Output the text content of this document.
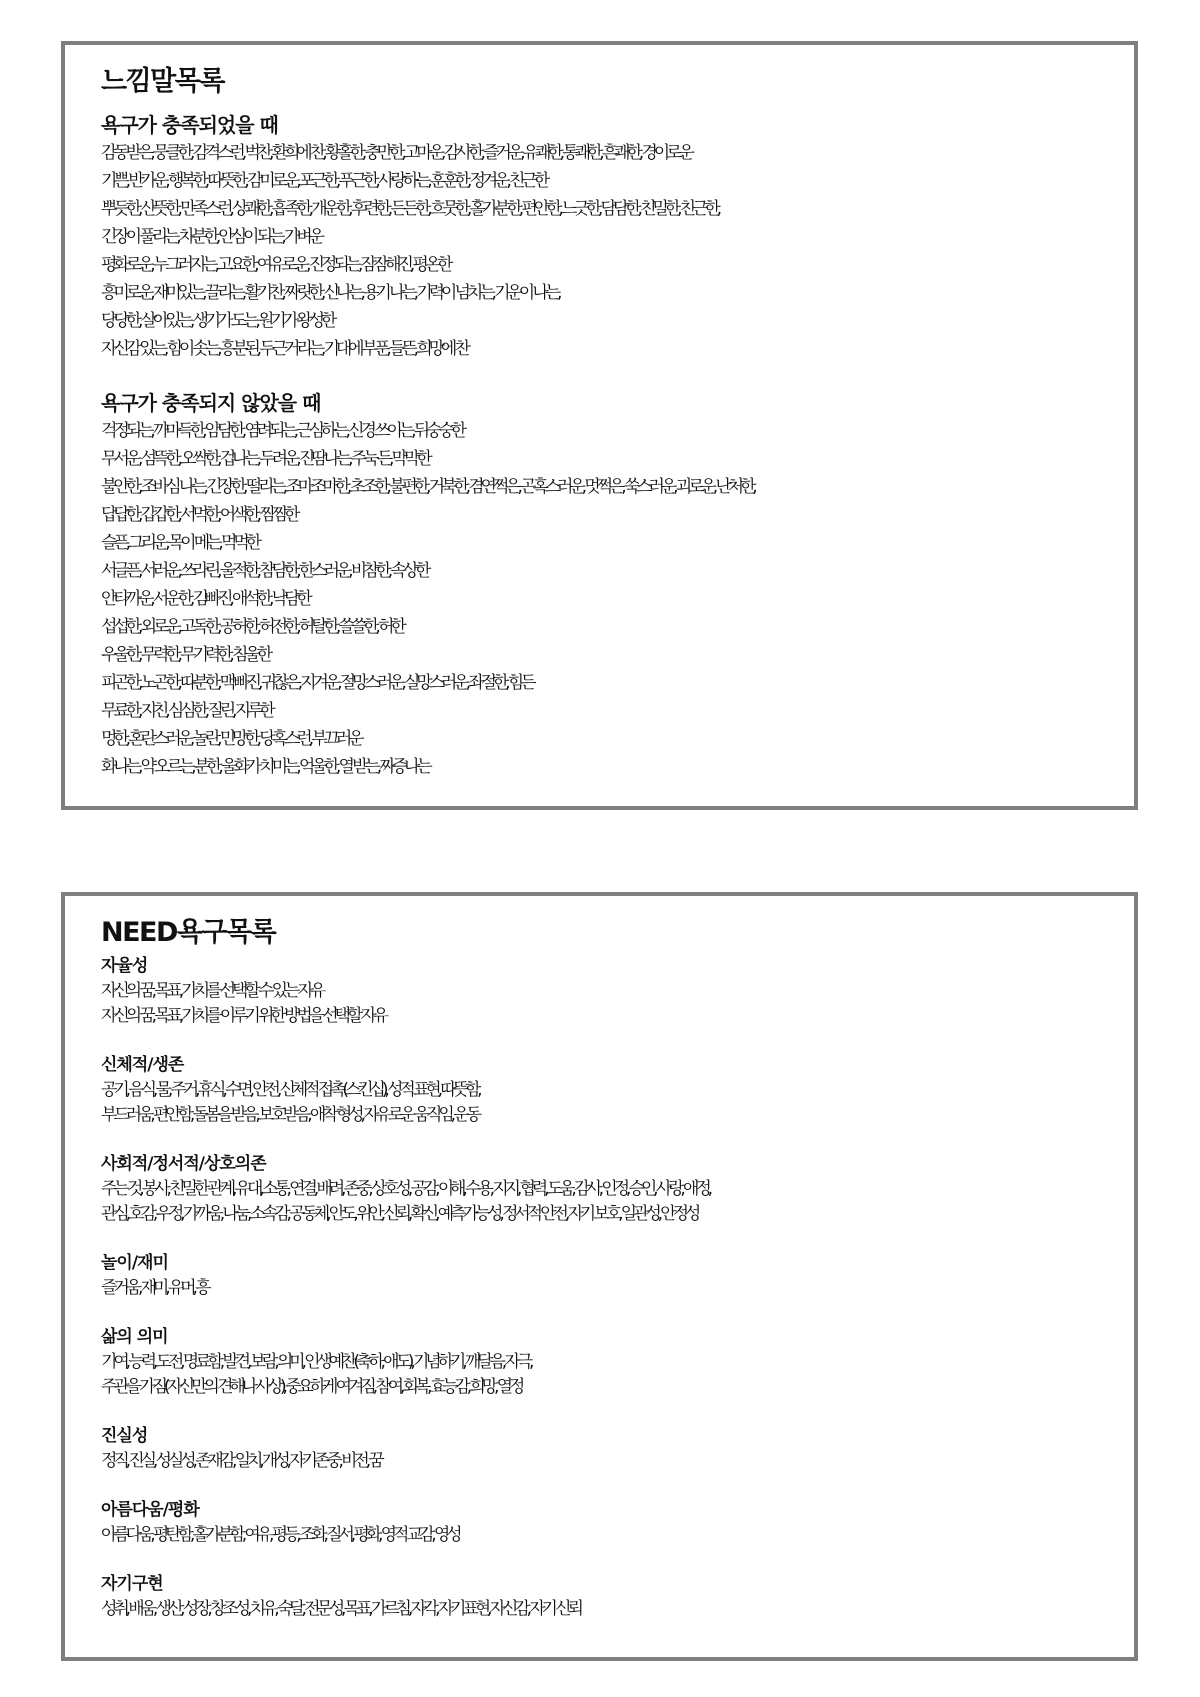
느낌말목록
욕구가 충족되었을 때
감동받은, 뭉클한, 감격스런, 벅찬, 환희에 찬, 황홀한, 충만한, 고마운, 감사한, 즐거운, 유쾌한, 통쾌한, 흔쾌한, 경이로운
기쁜, 반가운, 행복한, 따뜻한, 감미로운, 포근한, 푸근한, 사랑하는, 훈훈한, 정겨운, 친근한
뿌듯한, 산뜻한, 만족스런, 상쾌한, 흡족한, 개운한, 후련한, 든든한, 흐뭇한, 홀가분한, 편안한, 느긋한, 담담한, 친밀한, 친근한,
긴장이 풀리는, 차분한, 안심이 되는, 가벼운
평화로운, 누그러지는, 고요한, 여유로운, 진정되는, 잠잠해진, 평온한
흥미로운, 재미있는, 끌리는, 활기찬, 짜릿한, 신나는, 용기 나는, 기력이 넘치는, 기운이 나는,
당당한, 살아있는, 생기가 도는, 원기가 왕성한
자신감 있는, 힘이 솟는, 흥분된, 두근거리는, 기대에 부푼, 들뜬, 희망에 찬
욕구가 충족되지 않았을 때
걱정되는, 까마득한, 암담한, 염려되는, 근심하는, 신경 쓰이는, 뒤숭숭한
무서운, 섬뜩한, 오싹한, 겁나는, 두려운, 진땀나는, 주눅 든, 막막한
불안한, 조바심 나는, 긴장한, 떨리는, 조마조마한, 초조한, 불편한, 거북한, 겸연쩍은, 곤혹스러운, 멋쩍은, 쑥스러운, 괴로운, 난처한,
답답한, 갑갑한, 서먹한, 어색한, 찜찜한
슬픈, 그리운, 목이 메는, 먹먹한
서글픈, 서러운, 쓰라린, 울적한, 참담한, 한스러운, 비참한, 속상한
안타까운, 서운한, 김빠진, 애석한, 낙담한
섭섭한, 외로운, 고독한, 공허한, 허전한, 허탈한, 쓸쓸한, 허한
우울한, 무력한, 무기력한, 침울한
피곤한, 노곤한, 따분한, 맥 빠진, 귀찮은, 지겨운, 절망스러운, 실망스러운, 좌절한, 힘든
무료한, 지친, 심심한, 질린, 지루한
멍한, 혼란스러운, 놀란, 민망한, 당혹스런, 부끄러운
화나는, 약 오르는, 분한, 울화가 치미는, 억울한, 열 받는, 짜증나는
NEED욕구목록
자율성
자신의 꿈, 목표, 가치를 선택할 수 있는 자유
자신의 꿈, 목표, 가치를 이루기 위한 방법을 선택할 자유
신체적/생존
공기, 음식, 물, 주거, 휴식, 수면, 안전, 신체적 접촉(스킨십), 성적 표현, 따뜻함,
부드러움, 편안함, 돌봄을 받음, 보호받음, 애착 형성, 자유로운 움직임, 운동
사회적/정서적/상호의존
주는 것, 봉사, 친밀한 관계, 유대, 소통, 연결, 배려, 존중, 상호성, 공감, 이해, 수용, 지지, 협력, 도움, 감사, 인정, 승인, 사랑, 애정,
관심, 호감, 우정, 가까움, 나눔, 소속감, 공동체, 안도, 위안, 신뢰, 확신, 예측가능성, 정서적 안전, 자기 보호, 일관성, 안정성
놀이/재미
즐거움, 재미, 유머, 흥
삶의 의미
기여, 능력, 도전, 명료함, 발견, 보람, 의미, 인생예찬(축하, 애도), 기념하기, 깨달음, 자극,
주관을 가짐(자신만의 견해나 사상), 중요하게 여겨짐, 참여, 회복, 효능감, 희망, 열정
진실성
정직, 진실, 성실성, 존재감, 일치, 개성, 자기존중, 비전, 꿈
아름다움/평화
아름다움, 평탄함, 홀가분함, 여유, 평등, 조화, 질서, 평화, 영적 교감, 영성
자기구현
성취, 배움, 생산, 성장, 창조성, 치유, 숙달, 전문성, 목표, 가르침, 자각, 자기표현, 자신감, 자기 신뢰
